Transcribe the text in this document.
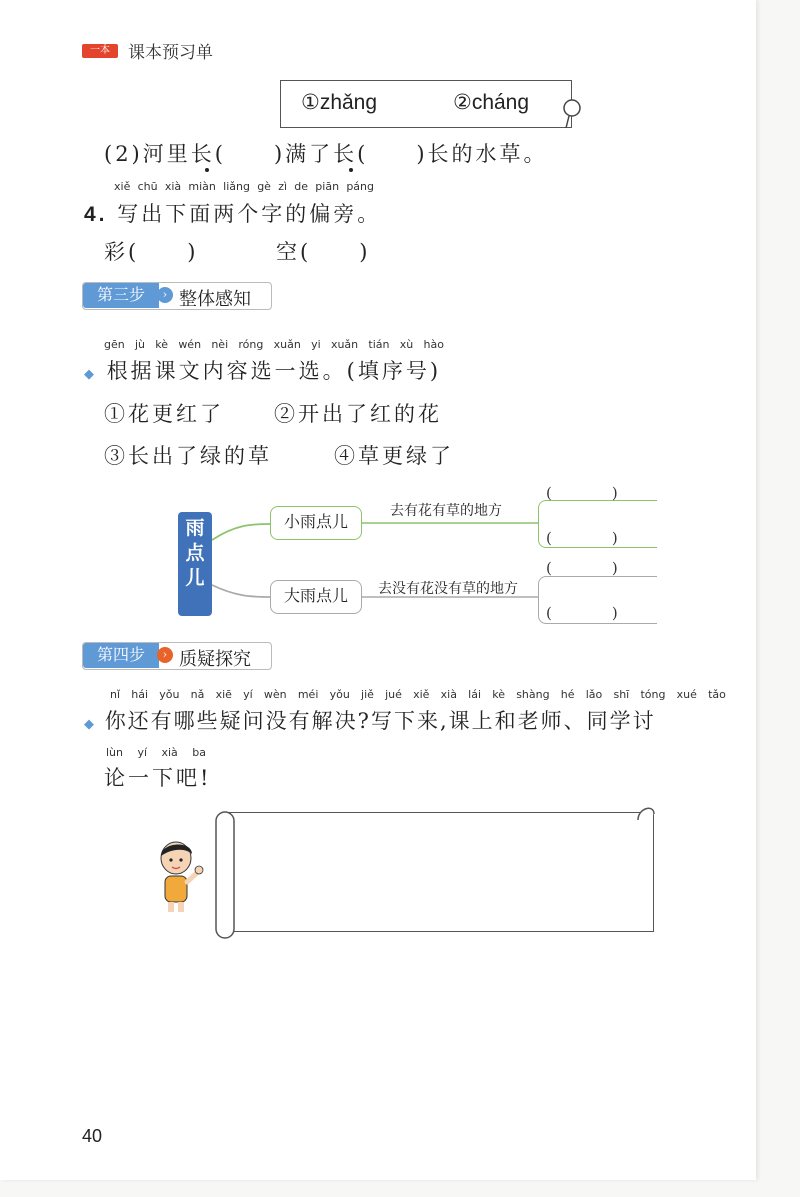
一本	课本预习单
①zhǎng	②cháng
(2)河里长(　　)满了长(　　)长的水草。
xiě chū xià miàn liǎng gè zì de piān páng
4. 写出下面两个字的偏旁。
彩(　　)	空(　　)
第三步	› 整体感知
gēn jù kè wén nèi róng xuǎn yi xuǎn tián xù hào
◆ 根据课文内容选一选。(填序号)
①花更红了 ②开出了红的花
③长出了绿的草	④草更绿了
雨点儿
小雨点儿
大雨点儿
去有花有草的地方
去没有花没有草的地方
(　　　　)
(　　　　)
(　　　　)
(　　　　)
第四步	› 质疑探究
nǐ hái yǒu nǎ xiē yí wèn méi yǒu jiě jué xiě xià lái kè shàng hé lǎo shī tóng xué tǎo
◆ 你还有哪些疑问没有解决?写下来,课上和老师、同学讨
lùn yí xià ba
论一下吧!
40
